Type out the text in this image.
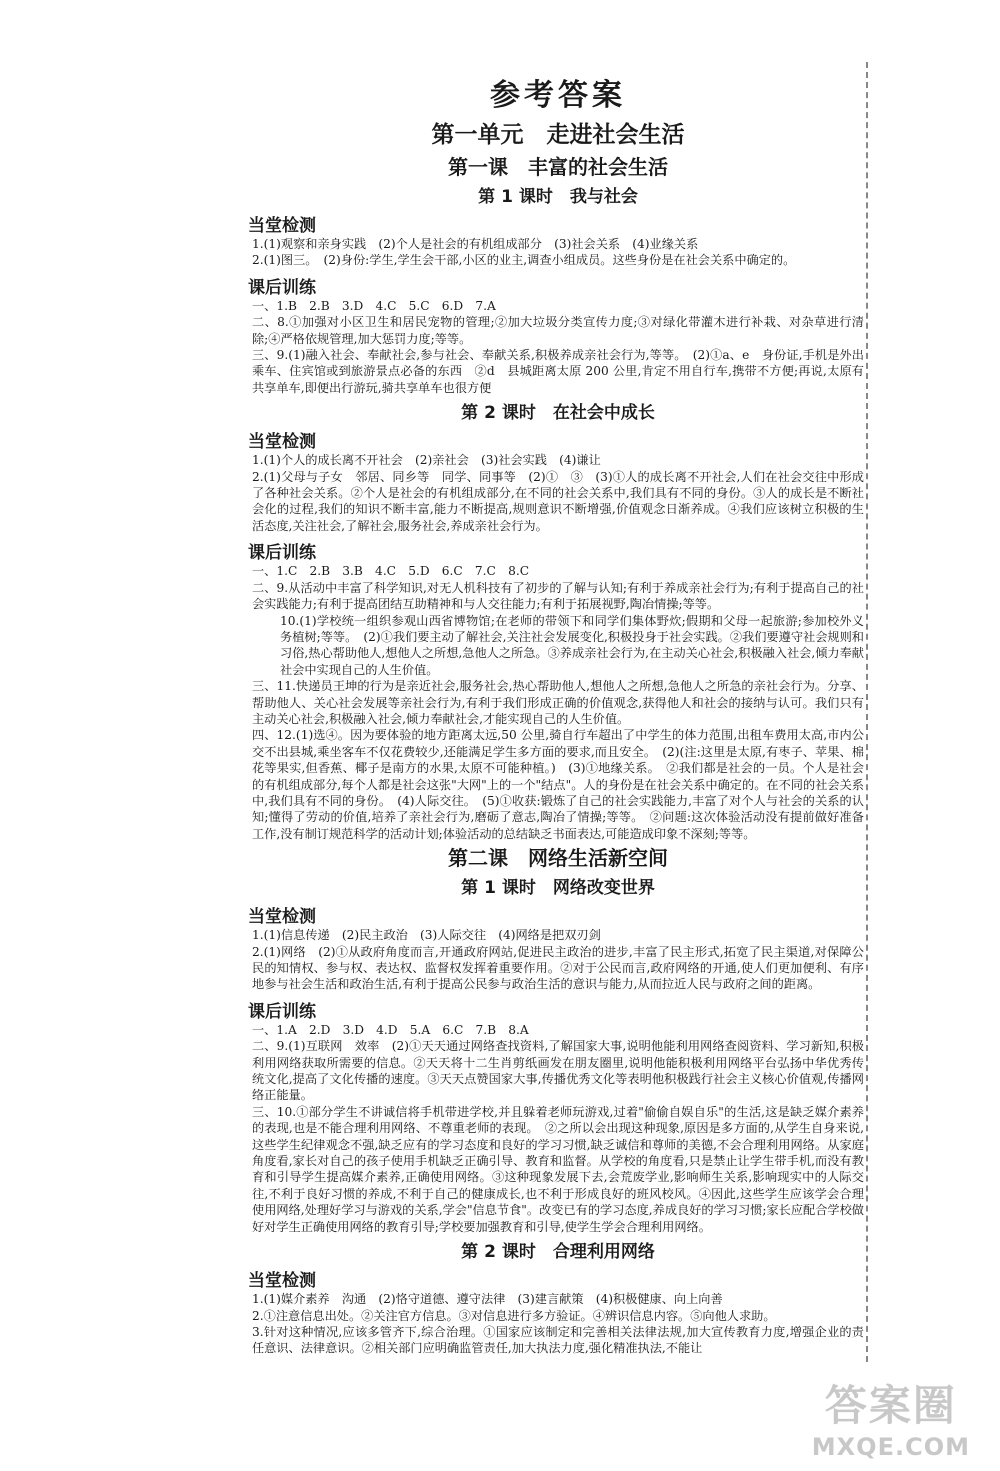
参考答案
第一单元　走进社会生活
第一课　丰富的社会生活
第 1 课时　我与社会
当堂检测

1.(1)观察和亲身实践　(2)个人是社会的有机组成部分　(3)社会关系　(4)业缘关系

2.(1)图三。　(2)身份:学生,学生会干部,小区的业主,调查小组成员。这些身份是在社会关系中确定的。

课后训练

一、1.B　2.B　3.D　4.C　5.C　6.D　7.A

二、8.①加强对小区卫生和居民宠物的管理;②加大垃圾分类宣传力度;③对绿化带灌木进行补栽、对杂草进行清除;④严格依规管理,加大惩罚力度;等等。

三、9.(1)融入社会、奉献社会,参与社会、奉献关系,积极养成亲社会行为,等等。　(2)①a、e　身份证,手机是外出乘车、住宾馆或到旅游景点必备的东西　②d　县城距离太原 200 公里,肯定不用自行车,携带不方便;再说,太原有共享单车,即便出行游玩,骑共享单车也很方便

第 2 课时　在社会中成长
当堂检测

1.(1)个人的成长离不开社会　(2)亲社会　(3)社会实践　(4)谦让

2.(1)父母与子女　邻居、同乡等　同学、同事等　(2)①　③　(3)①人的成长离不开社会,人们在社会交往中形成了各种社会关系。②个人是社会的有机组成部分,在不同的社会关系中,我们具有不同的身份。③人的成长是不断社会化的过程,我们的知识不断丰富,能力不断提高,规则意识不断增强,价值观念日渐养成。④我们应该树立积极的生活态度,关注社会,了解社会,服务社会,养成亲社会行为。

课后训练

一、1.C　2.B　3.B　4.C　5.D　6.C　7.C　8.C

二、9.从活动中丰富了科学知识,对无人机科技有了初步的了解与认知;有利于养成亲社会行为;有利于提高自己的社会实践能力;有利于提高团结互助精神和与人交往能力;有利于拓展视野,陶冶情操;等等。

10.(1)学校统一组织参观山西省博物馆;在老师的带领下和同学们集体野炊;假期和父母一起旅游;参加校外义务植树;等等。　(2)①我们要主动了解社会,关注社会发展变化,积极投身于社会实践。②我们要遵守社会规则和习俗,热心帮助他人,想他人之所想,急他人之所急。③养成亲社会行为,在主动关心社会,积极融入社会,倾力奉献社会中实现自己的人生价值。

三、11.快递员王坤的行为是亲近社会,服务社会,热心帮助他人,想他人之所想,急他人之所急的亲社会行为。分享、帮助他人、关心社会发展等亲社会行为,有利于我们形成正确的价值观念,获得他人和社会的接纳与认可。我们只有主动关心社会,积极融入社会,倾力奉献社会,才能实现自己的人生价值。

四、12.(1)选④。因为要体验的地方距离太远,50 公里,骑自行车超出了中学生的体力范围,出租车费用太高,市内公交不出县城,乘坐客车不仅花费较少,还能满足学生多方面的要求,而且安全。　(2)(注:这里是太原,有枣子、苹果、棉花等果实,但香蕉、椰子是南方的水果,太原不可能种植。)　(3)①地缘关系。　②我们都是社会的一员。个人是社会的有机组成部分,每个人都是社会这张"大网"上的一个"结点"。人的身份是在社会关系中确定的。在不同的社会关系中,我们具有不同的身份。　(4)人际交往。　(5)①收获:锻炼了自己的社会实践能力,丰富了对个人与社会的关系的认知;懂得了劳动的价值,培养了亲社会行为,磨砺了意志,陶冶了情操;等等。　②问题:这次体验活动没有提前做好准备工作,没有制订规范科学的活动计划;体验活动的总结缺乏书面表达,可能造成印象不深刻;等等。

第二课　网络生活新空间
第 1 课时　网络改变世界
当堂检测

1.(1)信息传递　(2)民主政治　(3)人际交往　(4)网络是把双刃剑

2.(1)网络　(2)①从政府角度而言,开通政府网站,促进民主政治的进步,丰富了民主形式,拓宽了民主渠道,对保障公民的知情权、参与权、表达权、监督权发挥着重要作用。②对于公民而言,政府网络的开通,使人们更加便利、有序地参与社会生活和政治生活,有利于提高公民参与政治生活的意识与能力,从而拉近人民与政府之间的距离。

课后训练

一、1.A　2.D　3.D　4.D　5.A　6.C　7.B　8.A

二、9.(1)互联网　效率　(2)①天天通过网络查找资料,了解国家大事,说明他能利用网络查阅资料、学习新知,积极利用网络获取所需要的信息。②天天将十二生肖剪纸画发在朋友圈里,说明他能积极利用网络平台弘扬中华优秀传统文化,提高了文化传播的速度。③天天点赞国家大事,传播优秀文化等表明他积极践行社会主义核心价值观,传播网络正能量。

三、10.①部分学生不讲诚信将手机带进学校,并且躲着老师玩游戏,过着"偷偷自娱自乐"的生活,这是缺乏媒介素养的表现,也是不能合理利用网络、不尊重老师的表现。　②之所以会出现这种现象,原因是多方面的,从学生自身来说,这些学生纪律观念不强,缺乏应有的学习态度和良好的学习习惯,缺乏诚信和尊师的美德,不会合理利用网络。从家庭角度看,家长对自己的孩子使用手机缺乏正确引导、教育和监督。从学校的角度看,只是禁止让学生带手机,而没有教育和引导学生提高媒介素养,正确使用网络。③这种现象发展下去,会荒废学业,影响师生关系,影响现实中的人际交往,不利于良好习惯的养成,不利于自己的健康成长,也不利于形成良好的班风校风。④因此,这些学生应该学会合理使用网络,处理好学习与游戏的关系,学会"信息节食"。改变已有的学习态度,养成良好的学习习惯;家长应配合学校做好对学生正确使用网络的教育引导;学校要加强教育和引导,使学生学会合理利用网络。

第 2 课时　合理利用网络
当堂检测

1.(1)媒介素养　沟通　(2)恪守道德、遵守法律　(3)建言献策　(4)积极健康、向上向善

2.①注意信息出处。②关注官方信息。③对信息进行多方验证。④辨识信息内容。⑤向他人求助。

3.针对这种情况,应该多管齐下,综合治理。①国家应该制定和完善相关法律法规,加大宣传教育力度,增强企业的责任意识、法律意识。②相关部门应明确监管责任,加大执法力度,强化精准执法,不能让

答案圈
MXQE.COM
